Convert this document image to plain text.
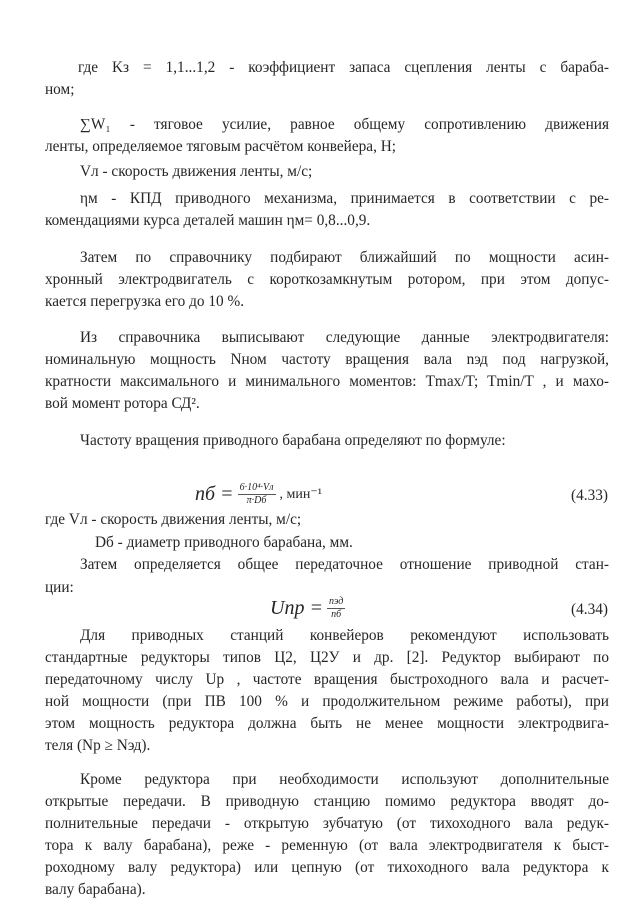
где Kз = 1,1...1,2 - коэффициент запаса сцепления ленты с бараба-
ном;
∑W₁ - тяговое усилие, равное общему сопротивлению движения
ленты, определяемое тяговым расчётом конвейера, Н;
Vл - скорость движения ленты, м/с;
ηм - КПД приводного механизма, принимается в соответствии с ре-
комендациями курса деталей машин ηм= 0,8...0,9.
Затем по справочнику подбирают ближайший по мощности асин-
хронный электродвигатель с короткозамкнутым ротором, при этом допус-
кается перегрузка его до 10 %.
Из справочника выписывают следующие данные электродвигателя:
номинальную мощность Nном частоту вращения вала nэд под нагрузкой,
кратности максимального и минимального моментов: Tmax/T; Tmin/T , и махо-
вой момент ротора СД².
Частоту вращения приводного барабана определяют по формуле:
где Vл - скорость движения ленты, м/с;
Dб - диаметр приводного барабана, мм.
Затем определяется общее передаточное отношение приводной стан-
ции:
Для приводных станций конвейеров рекомендуют использовать
стандартные редукторы типов Ц2, Ц2У и др. [2]. Редуктор выбирают по
передаточному числу Uр , частоте вращения быстроходного вала и расчет-
ной мощности (при ПВ 100 % и продолжительном режиме работы), при
этом мощность редуктора должна быть не менее мощности электродвига-
теля (Nр ≥ Nэд).
Кроме редуктора при необходимости используют дополнительные
открытые передачи. В приводную станцию помимо редуктора вводят до-
полнительные передачи - открытую зубчатую (от тихоходного вала редук-
тора к валу барабана), реже - ременную (от вала электродвигателя к быст-
роходному валу редуктора) или цепную (от тихоходного вала редуктора к
валу барабана).
nб = $\frac{\text{6·10⁴·Vл}}{\pi\cdot Dб}$ , мин⁻¹	(4.33)
Uпр = $\frac{\text{nэд}}{nб}$	(4.34)
